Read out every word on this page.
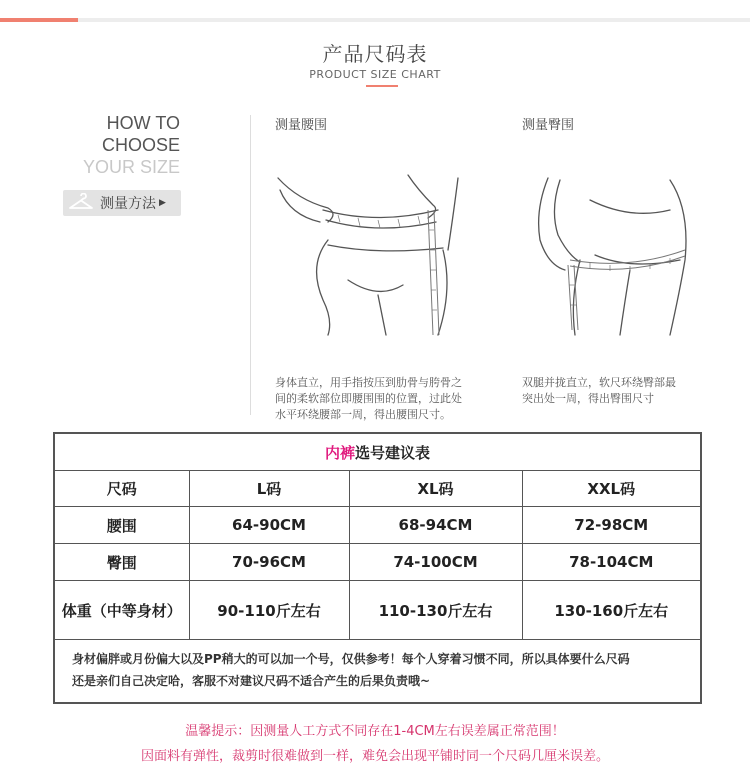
产品尺码表
PRODUCT SIZE CHART
HOW TO
CHOOSE
YOUR SIZE
测量方法 ▶
测量腰围	测量臀围
身体直立，用手指按压到肋骨与胯骨之
间的柔软部位即腰围围的位置，过此处
水平环绕腰部一周，得出腰围尺寸。
双腿并拢直立，软尺环绕臀部最
突出处一周，得出臀围尺寸
内裤选号建议表			
尺码	L码	XL码	XXL码
腰围	64-90CM	68-94CM	72-98CM
臀围	70-96CM	74-100CM	78-104CM
体重（中等身材）	90-110斤左右	110-130斤左右	130-160斤左右
身材偏胖或月份偏大以及PP稍大的可以加一个号，仅供参考！每个人穿着习惯不同，所以具体要什么尺码
还是亲们自己决定哈，客服不对建议尺码不适合产生的后果负责哦~
温馨提示：因测量人工方式不同存在1-4CM左右误差属正常范围！
因面料有弹性，裁剪时很难做到一样，难免会出现平铺时同一个尺码几厘米误差。
